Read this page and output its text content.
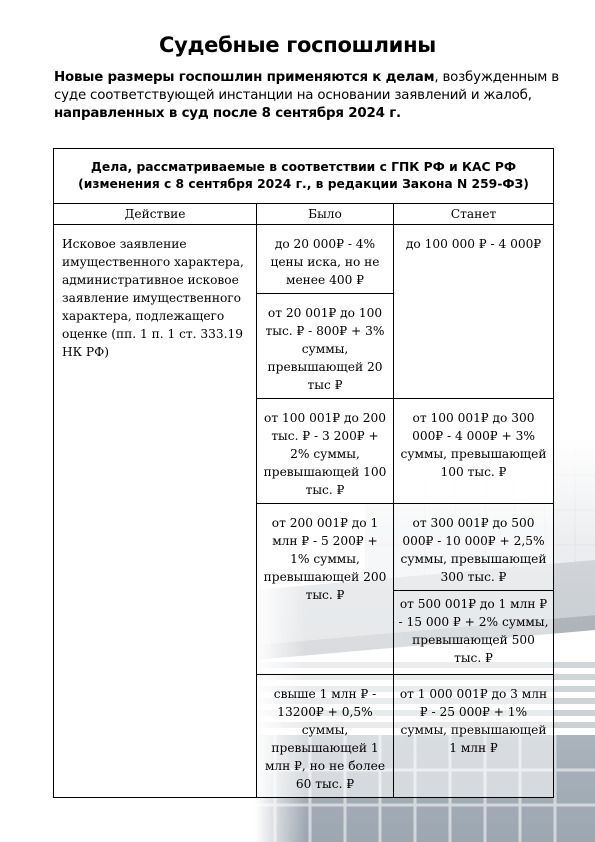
Судебные госпошлины
Новые размеры госпошлин применяются к делам, возбужденным в суде соответствующей инстанции на основании заявлений и жалоб, направленных в суд после 8 сентября 2024 г.
Дела, рассматриваемые в соответствии с ГПК РФ и КАС РФ
(изменения с 8 сентября 2024 г., в редакции Закона N 259-ФЗ)		

Действие	Было	Станет
Исковое заявление имущественного характера, административное исковое заявление имущественного характера, подлежащего оценке (пп. 1 п. 1 ст. 333.19 НК РФ)	до 20 000₽ - 4% цены иска, но не менее 400 ₽	до 100 000 ₽ - 4 000₽
	от 20 001₽ до 100 тыс. ₽ - 800₽ + 3% суммы, превышающей 20 тыс ₽	
	от 100 001₽ до 200 тыс. ₽ - 3 200₽ + 2% суммы, превышающей 100 тыс. ₽	от 100 001₽ до 300 000₽ - 4 000₽ + 3% суммы, превышающей 100 тыс. ₽
	от 200 001₽ до 1 млн ₽ - 5 200₽ + 1% суммы, превышающей 200 тыс. ₽	от 300 001₽ до 500 000₽ - 10 000₽ + 2,5% суммы, превышающей 300 тыс. ₽
		от 500 001₽ до 1 млн ₽ - 15 000 ₽ + 2% суммы, превышающей 500 тыс. ₽
	свыше 1 млн ₽ - 13200₽ + 0,5% суммы, превышающей 1 млн ₽, но не более 60 тыс. ₽	от 1 000 001₽ до 3 млн ₽ - 25 000₽ + 1% суммы, превышающей 1 млн ₽
